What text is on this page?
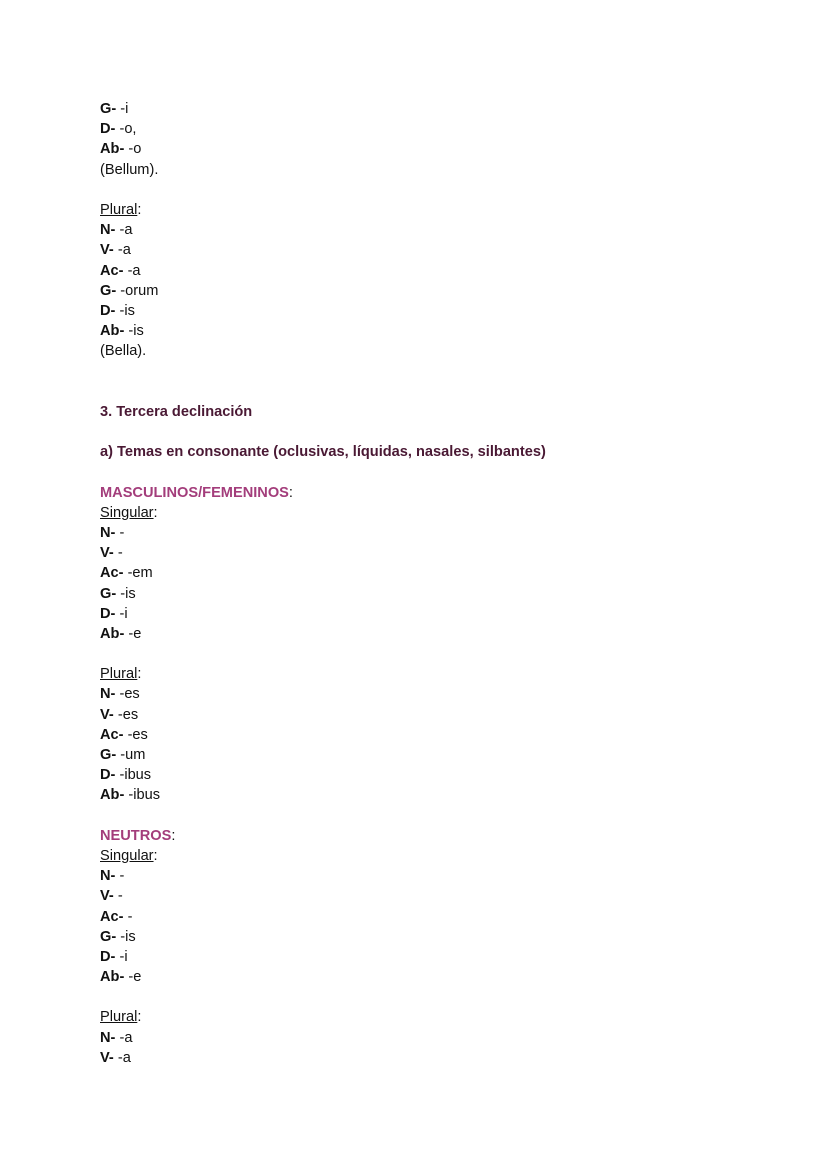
G- -i
D- -o,
Ab- -o
(Bellum).
Plural:
N- -a
V- -a
Ac- -a
G- -orum
D- -is
Ab- -is
(Bella).
3. Tercera declinación
a) Temas en consonante (oclusivas, líquidas, nasales, silbantes)
MASCULINOS/FEMENINOS:
Singular:
N- -
V- -
Ac- -em
G- -is
D- -i
Ab- -e
Plural:
N- -es
V- -es
Ac- -es
G- -um
D- -ibus
Ab- -ibus
NEUTROS:
Singular:
N- -
V- -
Ac- -
G- -is
D- -i
Ab- -e
Plural:
N- -a
V- -a
